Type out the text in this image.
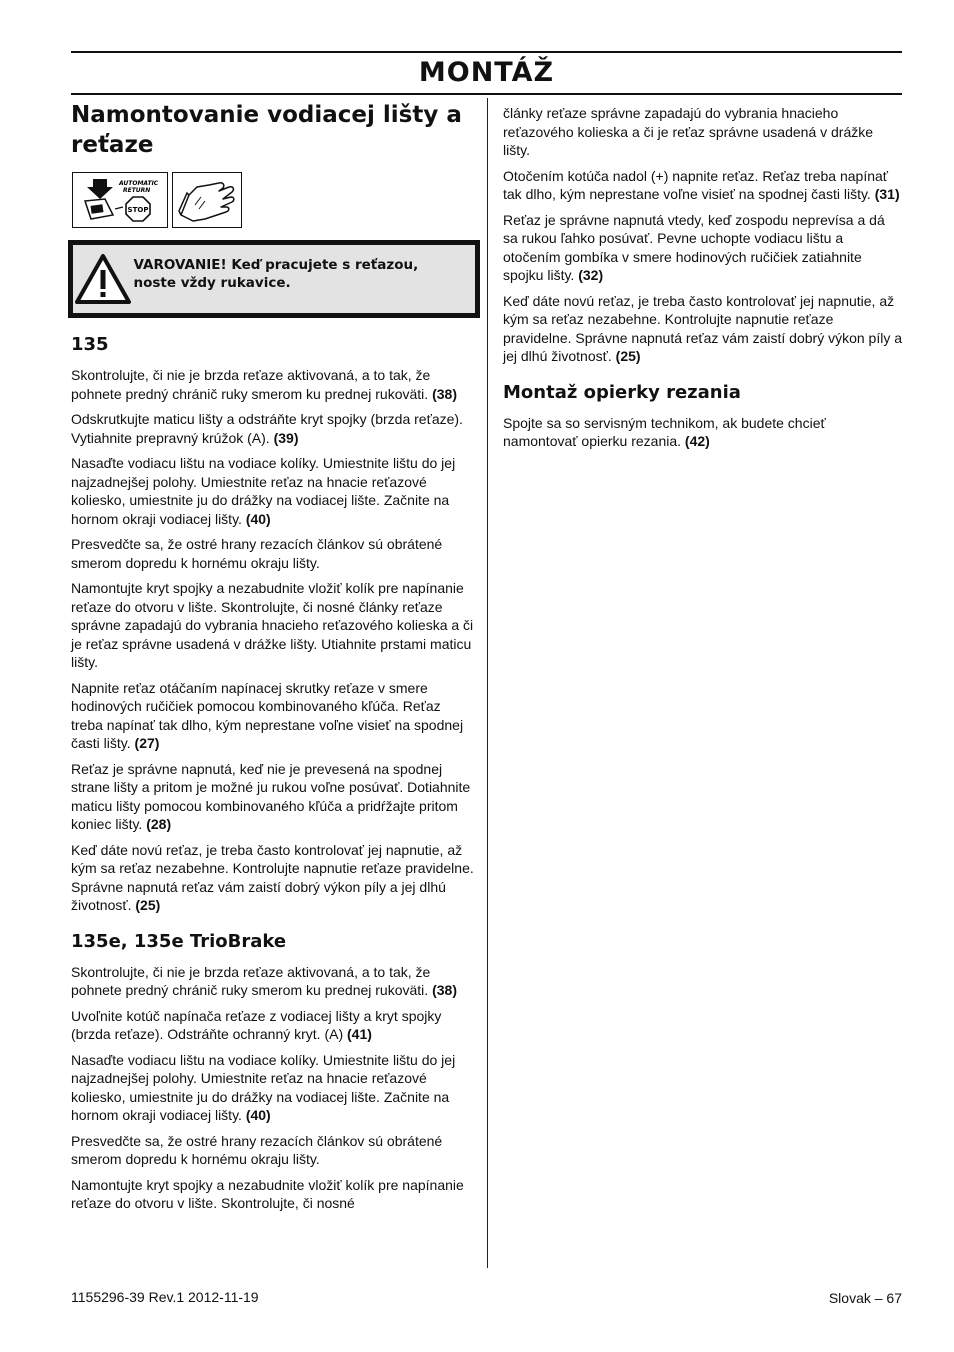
MONTÁŽ
Namontovanie vodiacej lišty a reťaze
AUTOMATIC
RETURN
STOP
VAROVANIE! Keď pracujete s reťazou, noste vždy rukavice.
135

Skontrolujte, či nie je brzda reťaze aktivovaná, a to tak, že pohnete predný chránič ruky smerom ku prednej rukoväti. (38)

Odskrutkujte maticu lišty a odstráňte kryt spojky (brzda reťaze). Vytiahnite prepravný krúžok (A). (39)

Nasaďte vodiacu lištu na vodiace kolíky. Umiestnite lištu do jej najzadnejšej polohy. Umiestnite reťaz na hnacie reťazové koliesko, umiestnite ju do drážky na vodiacej lište. Začnite na hornom okraji vodiacej lišty. (40)

Presvedčte sa, že ostré hrany rezacích článkov sú obrátené smerom dopredu k hornému okraju lišty.

Namontujte kryt spojky a nezabudnite vložiť kolík pre napínanie reťaze do otvoru v lište. Skontrolujte, či nosné články reťaze správne zapadajú do vybrania hnacieho reťazového kolieska a či je reťaz správne usadená v drážke lišty. Utiahnite prstami maticu lišty.

Napnite reťaz otáčaním napínacej skrutky reťaze v smere hodinových ručičiek pomocou kombinovaného kľúča. Reťaz treba napínať tak dlho, kým neprestane voľne visieť na spodnej časti lišty. (27)

Reťaz je správne napnutá, keď nie je prevesená na spodnej strane lišty a pritom je možné ju rukou voľne posúvať. Dotiahnite maticu lišty pomocou kombinovaného kľúča a pridŕžajte pritom koniec lišty. (28)

Keď dáte novú reťaz, je treba často kontrolovať jej napnutie, až kým sa reťaz nezabehne. Kontrolujte napnutie reťaze pravidelne. Správne napnutá reťaz vám zaistí dobrý výkon píly a jej dlhú životnosť. (25)

135e, 135e TrioBrake

Skontrolujte, či nie je brzda reťaze aktivovaná, a to tak, že pohnete predný chránič ruky smerom ku prednej rukoväti. (38)

Uvoľnite kotúč napínača reťaze z vodiacej lišty a kryt spojky (brzda reťaze). Odstráňte ochranný kryt. (A) (41)

Nasaďte vodiacu lištu na vodiace kolíky. Umiestnite lištu do jej najzadnejšej polohy. Umiestnite reťaz na hnacie reťazové koliesko, umiestnite ju do drážky na vodiacej lište. Začnite na hornom okraji vodiacej lišty. (40)

Presvedčte sa, že ostré hrany rezacích článkov sú obrátené smerom dopredu k hornému okraju lišty.

Namontujte kryt spojky a nezabudnite vložiť kolík pre napínanie reťaze do otvoru v lište. Skontrolujte, či nosné

články reťaze správne zapadajú do vybrania hnacieho reťazového kolieska a či je reťaz správne usadená v drážke lišty.

Otočením kotúča nadol (+) napnite reťaz. Reťaz treba napínať tak dlho, kým neprestane voľne visieť na spodnej časti lišty. (31)

Reťaz je správne napnutá vtedy, keď zospodu neprevísa a dá sa rukou ľahko posúvať. Pevne uchopte vodiacu lištu a otočením gombíka v smere hodinových ručičiek zatiahnite spojku lišty. (32)

Keď dáte novú reťaz, je treba často kontrolovať jej napnutie, až kým sa reťaz nezabehne. Kontrolujte napnutie reťaze pravidelne. Správne napnutá reťaz vám zaistí dobrý výkon píly a jej dlhú životnosť. (25)

Montaž opierky rezania

Spojte sa so servisným technikom, ak budete chcieť namontovať opierku rezania. (42)

1155296-39 Rev.1 2012-11-19	Slovak – 67
